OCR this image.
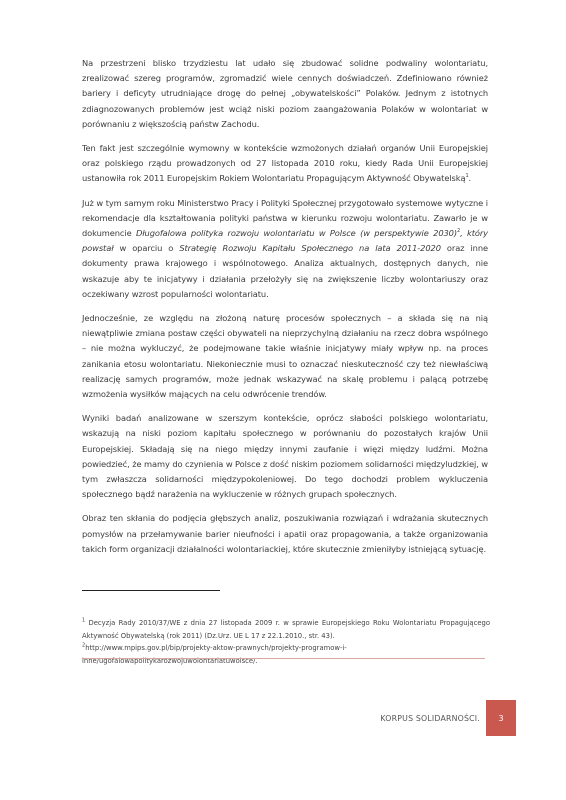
Na przestrzeni blisko trzydziestu lat udało się zbudować solidne podwaliny wolontariatu, zrealizować szereg programów, zgromadzić wiele cennych doświadczeń. Zdefiniowano również bariery i deficyty utrudniające drogę do pełnej „obywatelskości” Polaków. Jednym z istotnych zdiagnozowanych problemów jest wciąż niski poziom zaangażowania Polaków w wolontariat w porównaniu z większością państw Zachodu.

Ten fakt jest szczególnie wymowny w kontekście wzmożonych działań organów Unii Europejskiej oraz polskiego rządu prowadzonych od 27 listopada 2010 roku, kiedy Rada Unii Europejskiej ustanowiła rok 2011 Europejskim Rokiem Wolontariatu Propagującym Aktywność Obywatelską$^1$.

Już w tym samym roku Ministerstwo Pracy i Polityki Społecznej przygotowało systemowe wytyczne i rekomendacje dla kształtowania polityki państwa w kierunku rozwoju wolontariatu. Zawarło je w dokumencie Długofalowa polityka rozwoju wolontariatu w Polsce (w perspektywie 2030)$^2$, który powstał w oparciu o Strategię Rozwoju Kapitału Społecznego na lata 2011-2020 oraz inne dokumenty prawa krajowego i wspólnotowego. Analiza aktualnych, dostępnych danych, nie wskazuje aby te inicjatywy i działania przełożyły się na zwiększenie liczby wolontariuszy oraz oczekiwany wzrost popularności wolontariatu.

Jednocześnie, ze względu na złożoną naturę procesów społecznych – a składa się na nią niewątpliwie zmiana postaw części obywateli na nieprzychylną działaniu na rzecz dobra wspólnego – nie można wykluczyć, że podejmowane takie właśnie inicjatywy miały wpływ np. na proces zanikania etosu wolontariatu. Niekoniecznie musi to oznaczać nieskuteczność czy też niewłaściwą realizację samych programów, może jednak wskazywać na skalę problemu i palącą potrzebę wzmożenia wysiłków mających na celu odwrócenie trendów.

Wyniki badań analizowane w szerszym kontekście, oprócz słabości polskiego wolontariatu, wskazują na niski poziom kapitału społecznego w porównaniu do pozostałych krajów Unii Europejskiej. Składają się na niego między innymi zaufanie i więzi między ludźmi. Można powiedzieć, że mamy do czynienia w Polsce z dość niskim poziomem solidarności międzyludzkiej, w tym zwłaszcza solidarności międzypokoleniowej. Do tego dochodzi problem wykluczenia społecznego bądź narażenia na wykluczenie w różnych grupach społecznych.

Obraz ten skłania do podjęcia głębszych analiz, poszukiwania rozwiązań i wdrażania skutecznych pomysłów na przełamywanie barier nieufności i apatii oraz propagowania, a także organizowania takich form organizacji działalności wolontariackiej, które skutecznie zmieniłyby istniejącą sytuację.

$^1$ Decyzja Rady 2010/37/WE z dnia 27 listopada 2009 r. w sprawie Europejskiego Roku Wolontariatu Propagującego Aktywność Obywatelską (rok 2011) (Dz.Urz. UE L 17 z 22.1.2010., str. 43).

$^2$http://www.mpips.gov.pl/bip/projekty-aktow-prawnych/projekty-programow-i-inne/ugofalowapolitykarozwojuwolontariatuwolsce/.

KORPUS SOLIDARNOŚCI.	3
